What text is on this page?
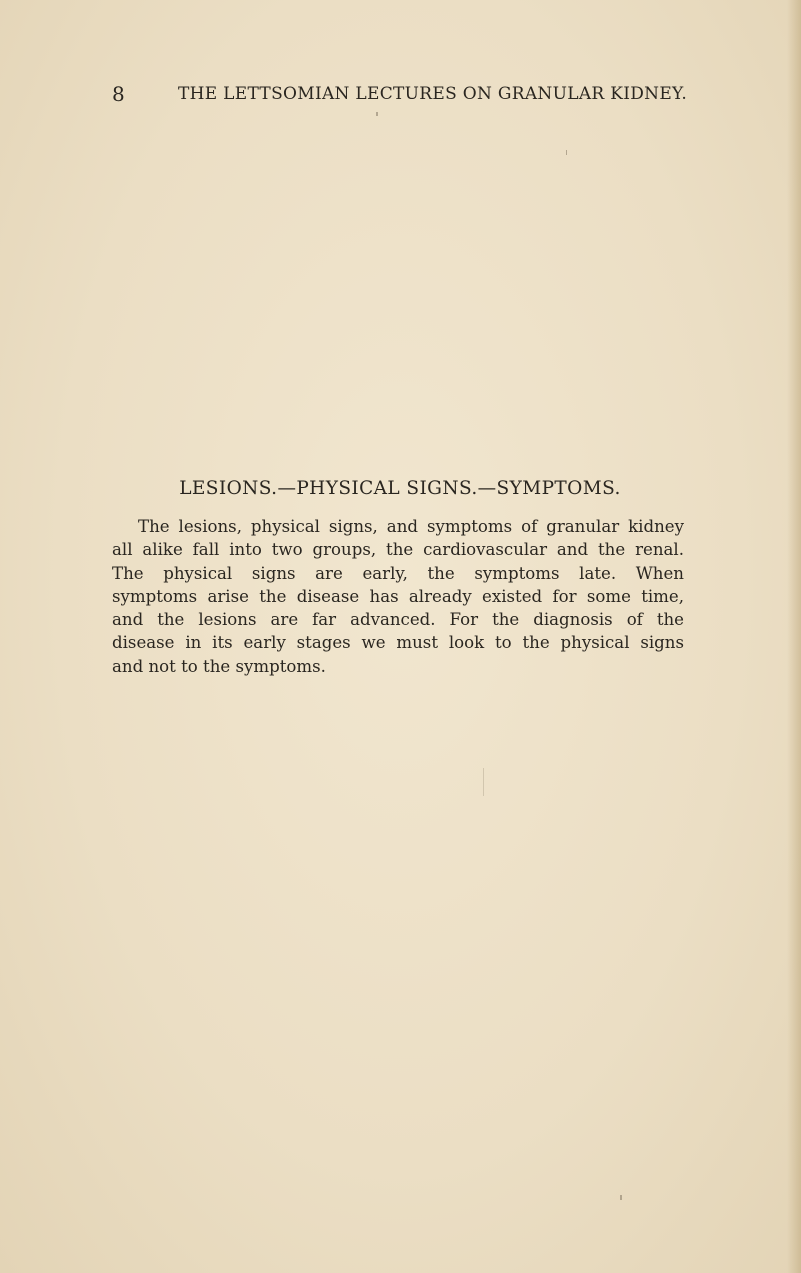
8	THE LETTSOMIAN LECTURES ON GRANULAR KIDNEY.
LESIONS.—PHYSICAL SIGNS.—SYMPTOMS.

The lesions, physical signs, and symptoms of granular kidney
all alike fall into two groups, the cardiovascular and the renal.
The physical signs are early, the symptoms late. When
symptoms arise the disease has already existed for some time,
and the lesions are far advanced. For the diagnosis of the
disease in its early stages we must look to the physical signs
and not to the symptoms.
